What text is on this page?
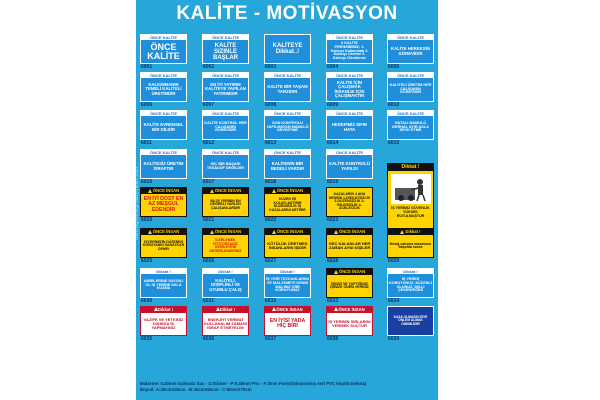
KALİTE - MOTİVASYON
www.isguvenligimalzemeleri.com	Dikkat !
İŞ YERİMİZ GÜVENLİK YÜKSEK RUTULMUŞTUR
ÖNCE KALİTE
ÖNCE KALİTE
6001
ÖNCE KALİTE
KALİTE SIZINLE BAŞLAR
6002
KALİTEYE Dikkat..!
6003
ÖNCE KALİTE
3 KALİTE PRENSİBİMİZ; 1. Kalıcıyı Kullanmak 2. Kalıcıyı Üretme 3. Kalıcıyı Gönderme
6004
ÖNCE KALİTE
KALİTE HERKESİN GÖREVİDİR
6005
ÖNCE KALİTE
KALKINMANIN TEMELİ KALİTELİ ÜRETİMDİR
6006
ÖNCE KALİTE
EN İYİ YATIRIM KALİTEYE YAPILAN YATIRIMDIR
6007
ÖNCE KALİTE
KALİTE BİR YAŞAM TARZIDIR
6008
ÖNCE KALİTE
KALİTE İÇİN ÇALIŞMAK İNSANLIK İÇİN ÇALIŞMAKTIR
6009
ÖNCE KALİTE
KALİTELİ ÜRETİM HER ÇALIŞANIN GÖREVİDİR
6010
ÖNCE KALİTE
KALİTE EVRENSEL BİR DİLDİR
6011
ÖNCE KALİTE
KALİTE KONTROL HER ÇALIŞANIN GÖREVİDİR
6012
ÖNCE KALİTE
SON KONTROLU YAPILMAYAN MAMULÜ SEVKETME
6013
ÖNCE KALİTE
HEDEFİMİZ SIFIR HATA
6014
ÖNCE KALİTE
HATALI MAMULÜ DERHAL AYIR ASLA SEVK ETME
6015
ÖNCE KALİTE
KALİTESİZ ÜRETİM İSRAFTIR
6016
ÖNCE KALİTE
HİÇ BİR BAŞARI TESADÜF DEĞİLDİR
6017
ÖNCE KALİTE
KALİTENİN BİR BEDELİ VARDIR
6018
ÖNCE KALİTE
KALİTE KONTROLÜ YAPILDI
6019
ÖNCE İNSAN
EN İYİ DOST EN AZ MEŞGUL EDENDİR
6020
ÖNCE İNSAN
BU İŞ YERİNİN EN DEĞERLİ VARLIĞI ÇALIŞANLARDIR
6021
ÖNCE İNSAN
DÜZEN İŞİ KOLAYLAŞTIRIR DÜZENSİZLİK İŞ KAZALARINI ARTIRIR
6022
KAZALARIN 4 ANA NEDENİ 1-DİKKATSİZLİK 2-DÜZENSİZLİK 3-BİLGİSİZLİK 4-ACELECİLİK
6023
ÖNCE İNSAN
İŞYERİMİZİN DÜZENİNİ KORUYANIN SANATKAR DENİR
6025
ÖNCE İNSAN
İLERLEMEK İSTİYORSANIZ GERİLEYENİ DEĞERLENDİRİNİZ
6026
ÖNCE İNSAN
KÖTÜLÜK ÜRETMEK İNSANLARIN İŞİDİR
6027
ÖNCE İNSAN
GEÇ KALANLAR HER ZAMAN AYNI KİŞİLER
6028
Dikkat !
Mesaj çalışma masasının başında sonra
6029
Dikkat !
AMİRLERİNE SAYGILI OL İŞ YERİNE ASLA KUZMA
6030
Dikkat !
KALİTELİ, DİSİPLİNLİ VE UYUMLU ÇALIŞ
6031
Dikkat !
İŞ YERİ TEZGAHLARINI VE MALZEMEYİ KENDİ MALINIZ GİBİ KORUYUNUZ
6032
ÖNCE İNSAN
İŞİNİZİ VE YAPTIĞINIZ İŞİNİZE ÖNEM VERİNİZ
6033
Dikkat !
İŞ YERİNİ KORUYUNUZ, DÜZENLİ OLUNUZ, MİLLİ ÇEKİRDEĞİNİ
6034
Dikkat !
VAZİFE VE YETKİNİZ DIŞINDA İŞ YAPMAYINIZ
6035
Dikkat !
ENERJİYİ VERİMLİ KULLANALIM ZAMANI İSRAF ETMEYELİM
6036
ÖNCE İNSAN
EN İYİSİ YADA HİÇ BİRİ
6037
ÖNCE İNSAN
İŞ YERİNİN SIRLARINI VERMEK SUÇTUR
6038
KAZA OLMASIN DİYE ÖNLEM ALMAK ÖNEMLİDİR
6039
Malzeme: 0,40mm Galvaniz Sac - S:Sticker - P:0,40mm Pvc - F:3mm Forex(Sıkıştırılmış sert PVC köpük-Dekota)
Boyutl: A:25cmX35cm - B:35cmX50cm - C:50cmX70cm
